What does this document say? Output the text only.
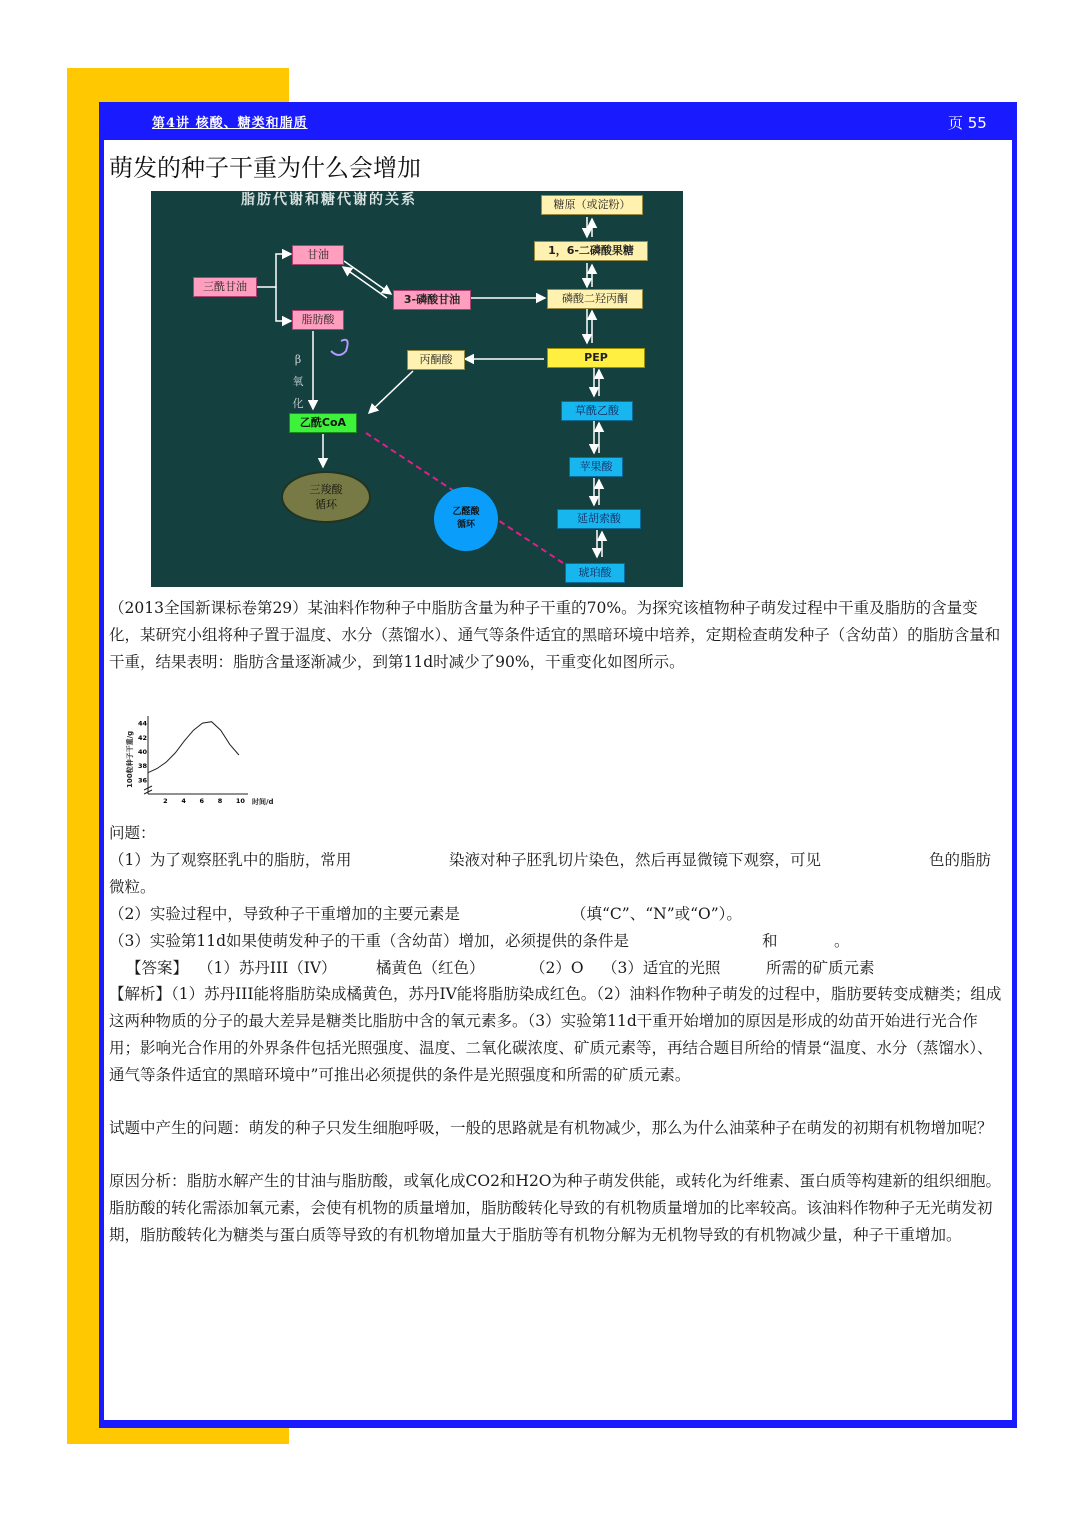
第4讲 核酸、糖类和脂质	页 55
萌发的种子干重为什么会增加
脂肪代谢和糖代谢的关系	糖原（或淀粉）
1，6-二磷酸果糖
三酰甘油
甘油
脂肪酸
3-磷酸甘油	磷酸二羟丙酮
丙酮酸	PEP
草酰乙酸
乙酰CoA
苹果酸
三羧酸循环
延胡索酸
乙醛酸循环
琥珀酸
β
氧
化
（2013全国新课标卷第29）某油料作物种子中脂肪含量为种子干重的70%。为探究该植物种子萌发过程中干重及脂肪的含量变化，某研究小组将种子置于温度、水分（蒸馏水）、通气等条件适宜的黑暗环境中培养，定期检查萌发种子（含幼苗）的脂肪含量和干重，结果表明：脂肪含量逐渐减少，到第11d时减少了90%，干重变化如图所示。
100粒种子干重/g
时间/d
44
42
40
38
36
2 4 6 8 10
问题：
（1）为了观察胚乳中的脂肪，常用	染液对种子胚乳切片染色，然后再显微镜下观察，可见	色的脂肪
微粒。
（2）实验过程中，导致种子干重增加的主要元素是	（填“C”、“N”或“O”）。
（3）实验第11d如果使萌发种子的干重（含幼苗）增加，必须提供的条件是	和	。
【答案】 （1）苏丹III（IV）	橘黄色（红色）	（2）O （3）适宜的光照	所需的矿质元素
【解析】（1）苏丹III能将脂肪染成橘黄色，苏丹IV能将脂肪染成红色。（2）油料作物种子萌发的过程中，脂肪要转变成糖类；组成这两种物质的分子的最大差异是糖类比脂肪中含的氧元素多。（3）实验第11d干重开始增加的原因是形成的幼苗开始进行光合作用；影响光合作用的外界条件包括光照强度、温度、二氧化碳浓度、矿质元素等，再结合题目所给的情景“温度、水分（蒸馏水）、通气等条件适宜的黑暗环境中”可推出必须提供的条件是光照强度和所需的矿质元素。
试题中产生的问题：萌发的种子只发生细胞呼吸，一般的思路就是有机物减少，那么为什么油菜种子在萌发的初期有机物增加呢？
原因分析：脂肪水解产生的甘油与脂肪酸，或氧化成CO2和H2O为种子萌发供能，或转化为纤维素、蛋白质等构建新的组织细胞。脂肪酸的转化需添加氧元素，会使有机物的质量增加，脂肪酸转化导致的有机物质量增加的比率较高。该油料作物种子无光萌发初期，脂肪酸转化为糖类与蛋白质等导致的有机物增加量大于脂肪等有机物分解为无机物导致的有机物减少量，种子干重增加。
